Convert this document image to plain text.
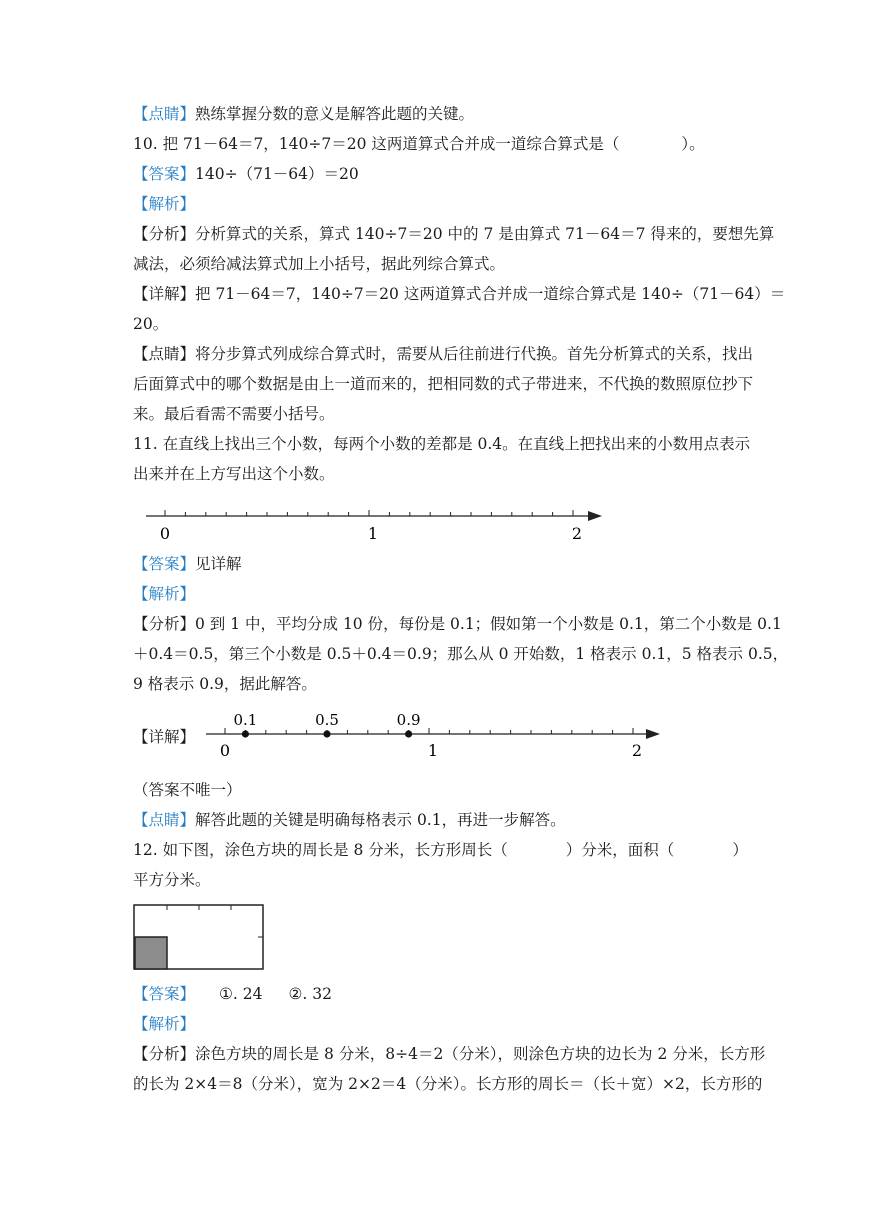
【点睛】熟练掌握分数的意义是解答此题的关键。
10. 把 71－64＝7，140÷7＝20 这两道算式合并成一道综合算式是（	）。
【答案】140÷（71－64）＝20
【解析】
【分析】分析算式的关系，算式 140÷7＝20 中的 7 是由算式 71－64＝7 得来的，要想先算
减法，必须给减法算式加上小括号，据此列综合算式。
【详解】把 71－64＝7，140÷7＝20 这两道算式合并成一道综合算式是 140÷（71－64）＝
20。
【点睛】将分步算式列成综合算式时，需要从后往前进行代换。首先分析算式的关系，找出
后面算式中的哪个数据是由上一道而来的，把相同数的式子带进来，不代换的数照原位抄下
来。最后看需不需要小括号。
11. 在直线上找出三个小数，每两个小数的差都是 0.4。在直线上把找出来的小数用点表示
出来并在上方写出这个小数。
0	1	2
【答案】见详解
【解析】
【分析】0 到 1 中，平均分成 10 份，每份是 0.1；假如第一个小数是 0.1，第二个小数是 0.1
＋0.4＝0.5，第三个小数是 0.5＋0.4＝0.9；那么从 0 开始数，1 格表示 0.1，5 格表示 0.5，
9 格表示 0.9，据此解答。
【详解】
0.1	0.5	0.9
0	1	2
（答案不唯一）
【点睛】解答此题的关键是明确每格表示 0.1，再进一步解答。
12. 如下图，涂色方块的周长是 8 分米，长方形周长（	）分米，面积（	）
平方分米。
【答案】 ①. 24 ②. 32
【解析】
【分析】涂色方块的周长是 8 分米，8÷4＝2（分米），则涂色方块的边长为 2 分米，长方形
的长为 2×4＝8（分米），宽为 2×2＝4（分米）。长方形的周长＝（长＋宽）×2，长方形的
